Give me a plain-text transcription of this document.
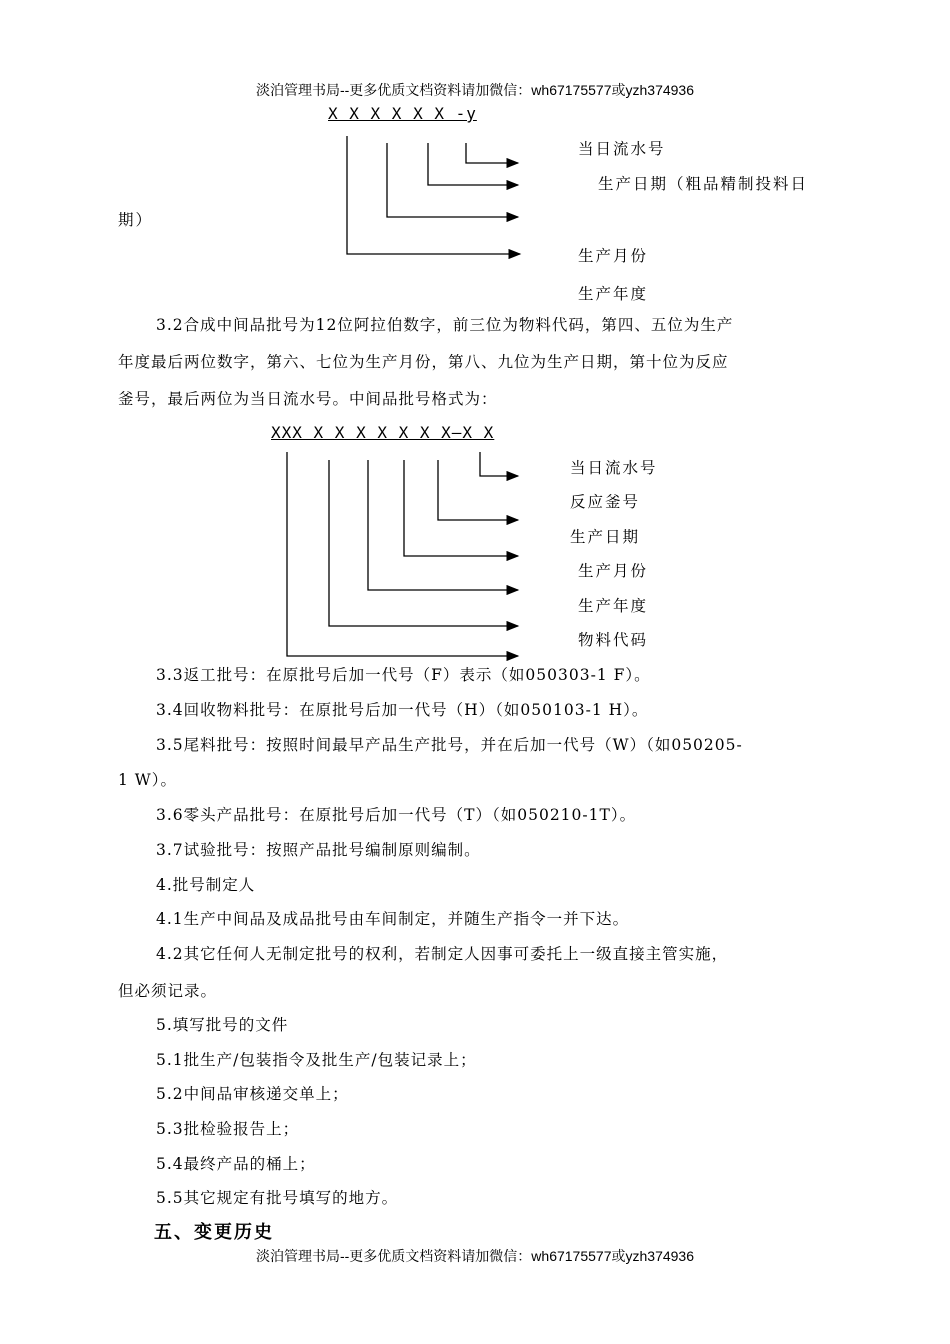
淡泊管理书局--更多优质文档资料请加微信：wh67175577或yzh374936
X X X X X X -y
当日流水号
生产日期（粗品精制投料日
期）
生产月份
生产年度
3.2合成中间品批号为12位阿拉伯数字，前三位为物料代码，第四、五位为生产
年度最后两位数字，第六、七位为生产月份，第八、九位为生产日期，第十位为反应
釜号，最后两位为当日流水号。中间品批号格式为：
XXX X X X X X X X—X X
当日流水号
反应釜号
生产日期
生产月份
生产年度
物料代码
3.3返工批号：在原批号后加一代号（F）表示（如050303-1 F）。
3.4回收物料批号：在原批号后加一代号（H）（如050103-1 H）。
3.5尾料批号：按照时间最早产品生产批号，并在后加一代号（W）（如050205-
1 W）。
3.6零头产品批号：在原批号后加一代号（T）（如050210-1T）。
3.7试验批号：按照产品批号编制原则编制。
4.批号制定人
4.1生产中间品及成品批号由车间制定，并随生产指令一并下达。
4.2其它任何人无制定批号的权利，若制定人因事可委托上一级直接主管实施，
但必须记录。
5.填写批号的文件
5.1批生产/包装指令及批生产/包装记录上；
5.2中间品审核递交单上；
5.3批检验报告上；
5.4最终产品的桶上；
5.5其它规定有批号填写的地方。
五、变更历史
淡泊管理书局--更多优质文档资料请加微信：wh67175577或yzh374936
